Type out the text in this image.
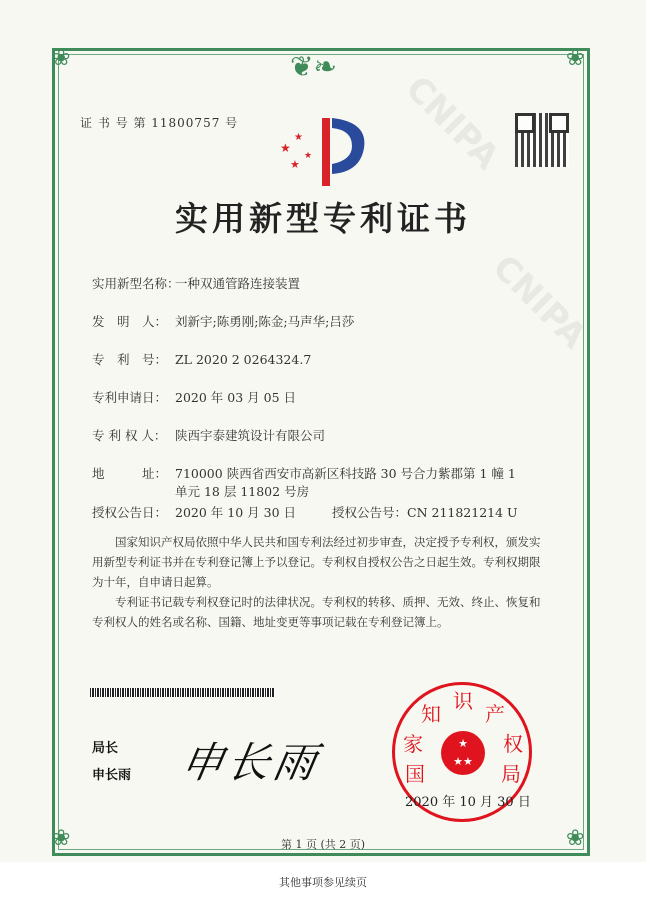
CNIPA
CNIPA
❦❧
❀	❀
❀	❀
证 书 号 第 11800757 号
★
★
★
★
实用新型专利证书
实用新型名称：一种双通管路连接装置
发　明　人： 刘新宇;陈勇刚;陈金;马声华;吕莎
专　利　号： ZL 2020 2 0264324.7
专利申请日： 2020 年 03 月 05 日
专 利 权 人： 陕西宇泰建筑设计有限公司
地　　　址： 710000 陕西省西安市高新区科技路 30 号合力紫郡第 1 幢 1
单元 18 层 11802 号房
授权公告日： 2020 年 10 月 30 日	授权公告号：CN 211821214 U

国家知识产权局依照中华人民共和国专利法经过初步审查，决定授予专利权，颁发实用新型专利证书并在专利登记簿上予以登记。专利权自授权公告之日起生效。专利权期限为十年，自申请日起算。

专利证书记载专利权登记时的法律状况。专利权的转移、质押、无效、终止、恢复和专利权人的姓名或名称、国籍、地址变更等事项记载在专利登记簿上。

局长
申长雨 申长雨	国
家
知
识
产
权
局
★
★★
2020 年 10 月 30 日
第 1 页 (共 2 页)
其他事项参见续页
